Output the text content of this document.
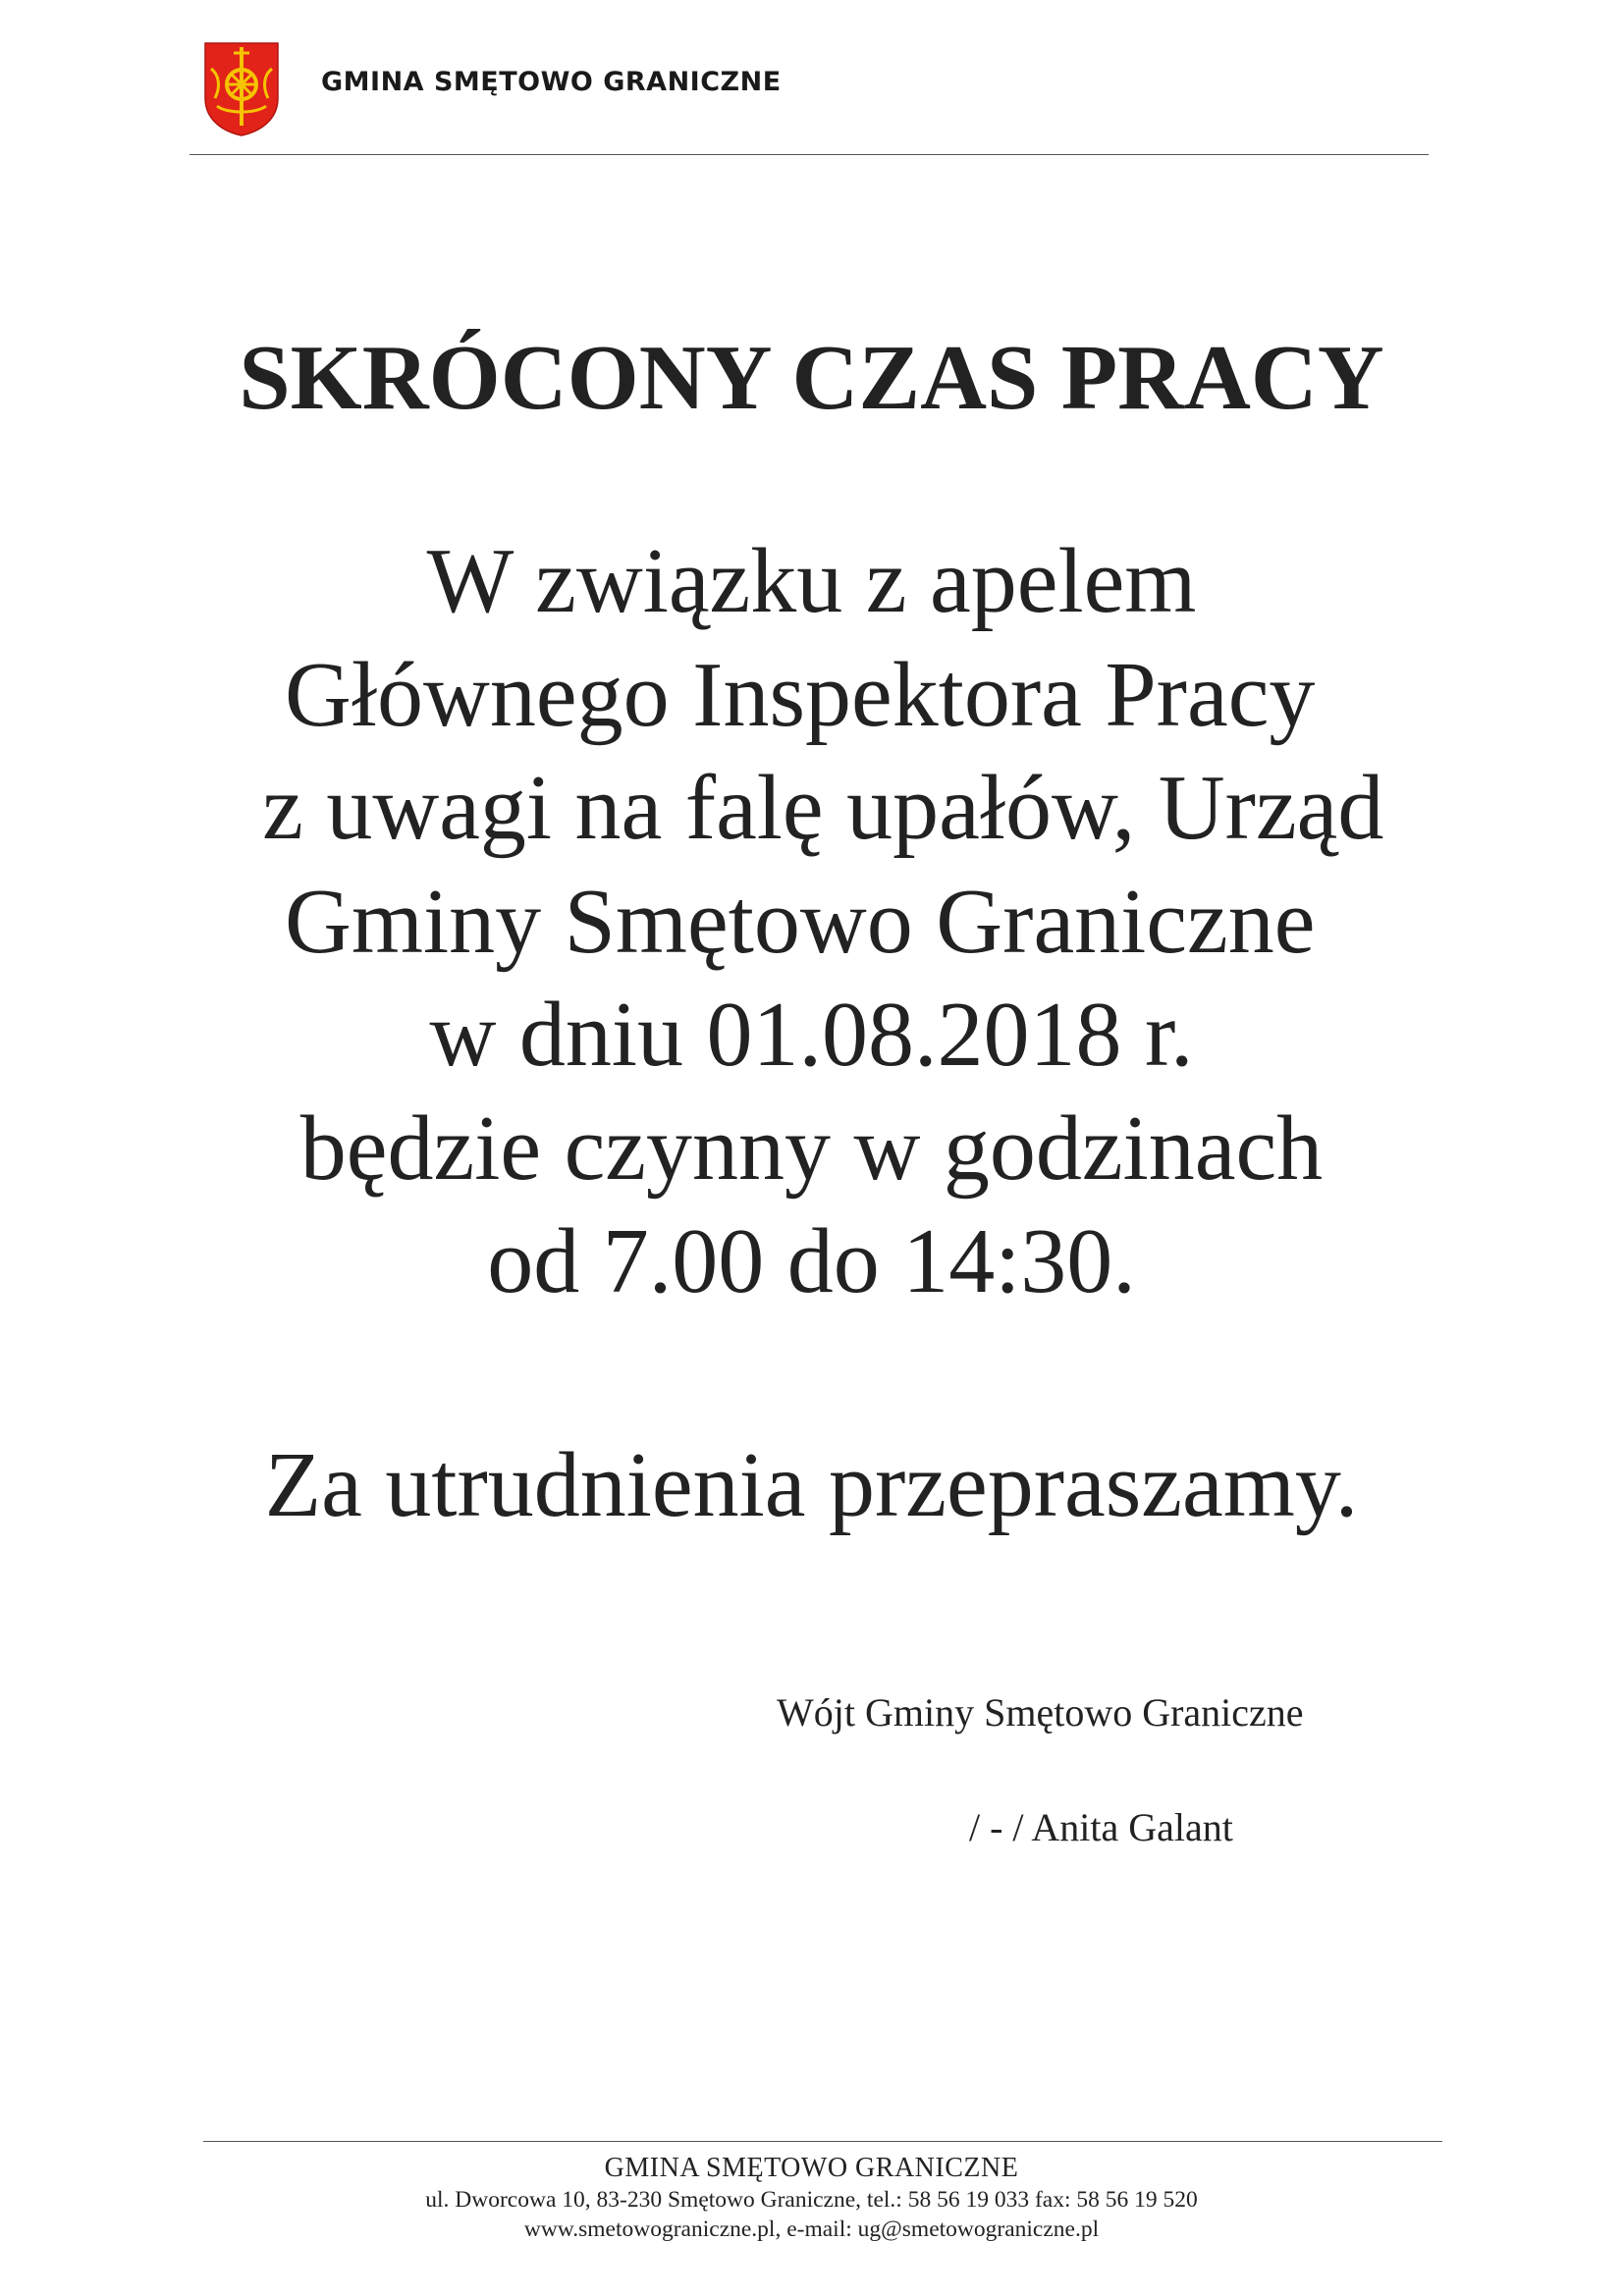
GMINA SMĘTOWO GRANICZNE
SKRÓCONY CZAS PRACY
W związku z apelem
Głównego Inspektora Pracy
z uwagi na falę upałów, Urząd
Gminy Smętowo Graniczne
w dniu 01.08.2018 r.
będzie czynny w godzinach
od 7.00 do 14:30.
Za utrudnienia przepraszamy.
Wójt Gminy Smętowo Graniczne
/ - / Anita Galant
GMINA SMĘTOWO GRANICZNE
ul. Dworcowa 10, 83-230 Smętowo Graniczne, tel.: 58 56 19 033 fax: 58 56 19 520
www.smetowograniczne.pl, e-mail: ug@smetowograniczne.pl
